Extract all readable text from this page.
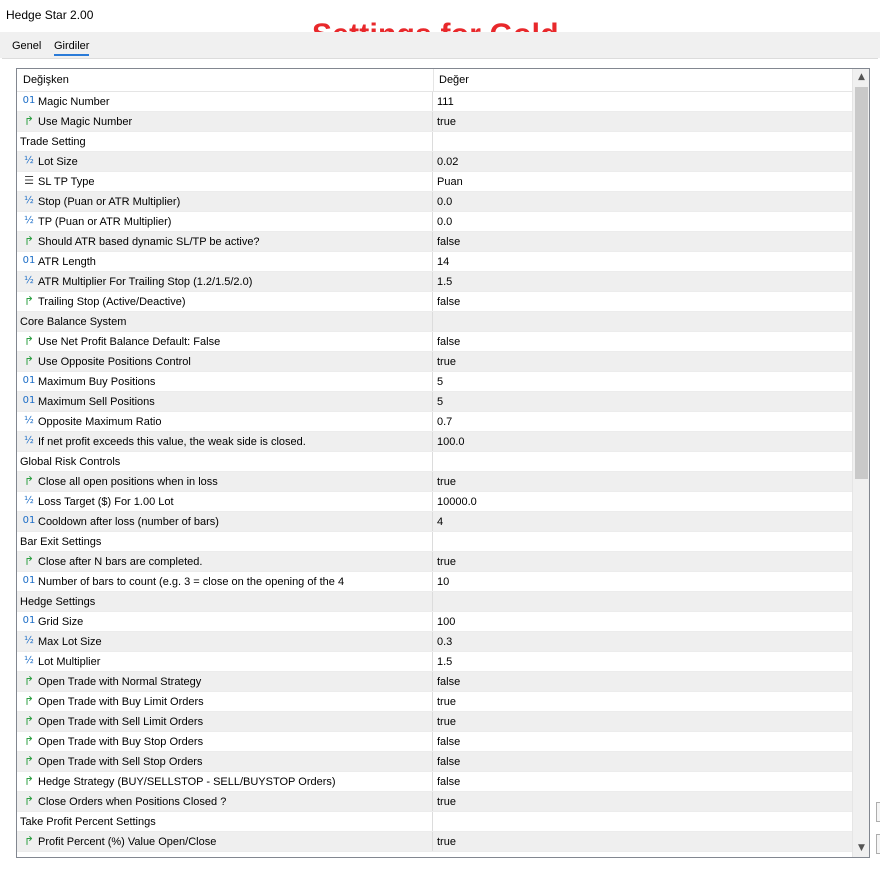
Hedge Star 2.00
Genel Girdiler
Değişken	Değer
01 Magic Number	111
↱ Use Magic Number	true
Trade Setting
½ Lot Size	0.02
☰ SL TP Type	Puan
½ Stop (Puan or ATR Multiplier)	0.0
½ TP (Puan or ATR Multiplier)	0.0
↱ Should ATR based dynamic SL/TP be active?	false
01 ATR Length	14
½ ATR Multiplier For Trailing Stop (1.2/1.5/2.0)	1.5
↱ Trailing Stop (Active/Deactive)	false
Core Balance System
↱ Use Net Profit Balance Default: False	false
↱ Use Opposite Positions Control	true
01 Maximum Buy Positions	5
01 Maximum Sell Positions	5
½ Opposite Maximum Ratio	0.7
½ If net profit exceeds this value, the weak side is closed.	100.0
Global Risk Controls
↱ Close all open positions when in loss	true
½ Loss Target ($) For 1.00 Lot	10000.0
01 Cooldown after loss (number of bars)	4
Bar Exit Settings
↱ Close after N bars are completed.	true
01 Number of bars to count (e.g. 3 = close on the opening of the 4	10
Hedge Settings
01 Grid Size	100
½ Max Lot Size	0.3
½ Lot Multiplier	1.5
↱ Open Trade with Normal Strategy	false
↱ Open Trade with Buy Limit Orders	true
↱ Open Trade with Sell Limit Orders	true
↱ Open Trade with Buy Stop Orders	false
↱ Open Trade with Sell Stop Orders	false
↱ Hedge Strategy (BUY/SELLSTOP - SELL/BUYSTOP Orders)	false
↱ Close Orders when Positions Closed ?	true
Take Profit Percent Settings
↱ Profit Percent (%) Value Open/Close	true
▲
▼
